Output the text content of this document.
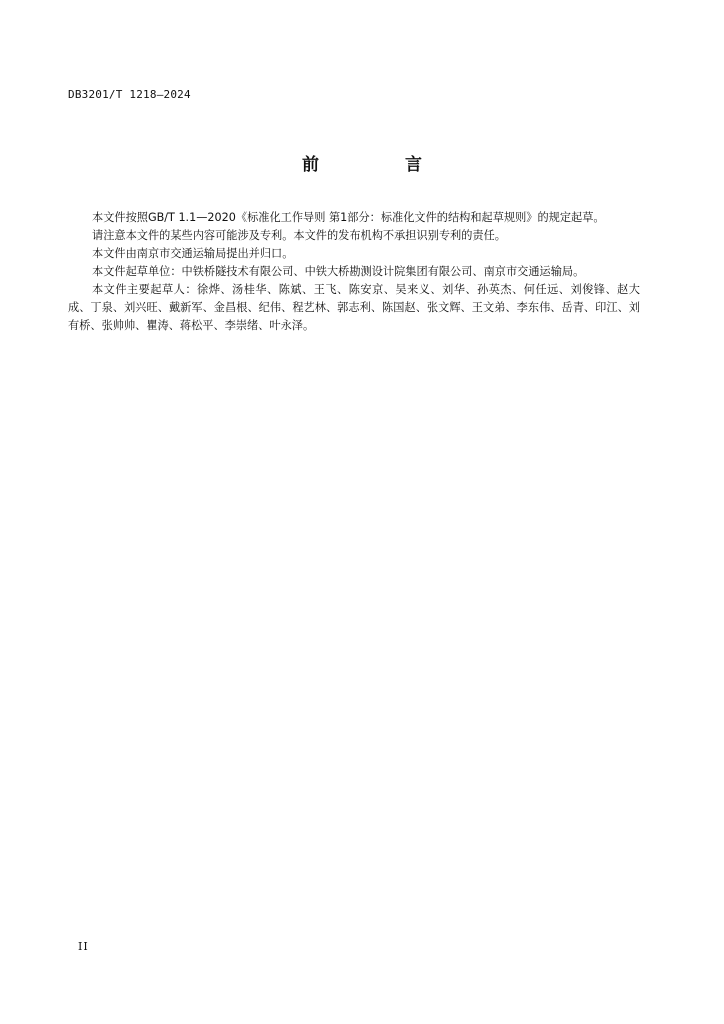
DB3201/T 1218—2024
前 言

本文件按照GB/T 1.1—2020《标准化工作导则 第1部分：标准化文件的结构和起草规则》的规定起草。

请注意本文件的某些内容可能涉及专利。本文件的发布机构不承担识别专利的责任。

本文件由南京市交通运输局提出并归口。

本文件起草单位：中铁桥隧技术有限公司、中铁大桥勘测设计院集团有限公司、南京市交通运输局。

本文件主要起草人：徐烨、汤桂华、陈斌、王飞、陈安京、吴来义、刘华、孙英杰、何任远、刘俊锋、赵大成、丁泉、刘兴旺、戴新军、金昌根、纪伟、程艺林、郭志利、陈国赵、张文辉、王文弟、李东伟、岳青、印江、刘有桥、张帅帅、瞿涛、蒋松平、李崇绪、叶永泽。

II
